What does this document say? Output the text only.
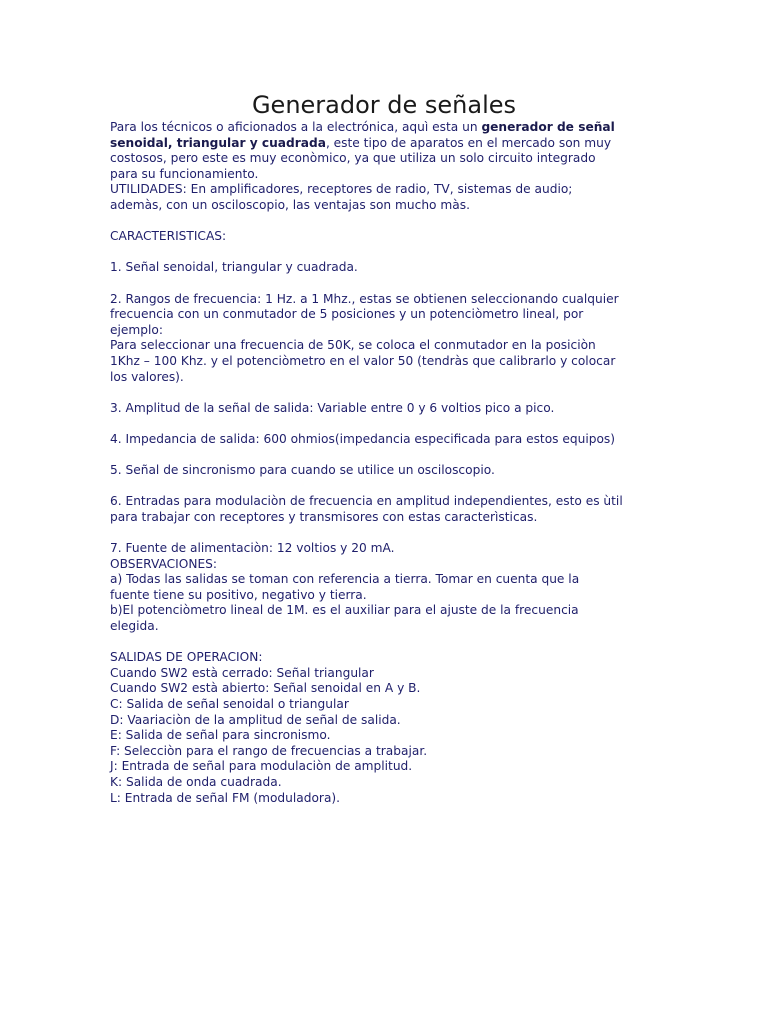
Generador de señales
Para los técnicos o aficionados a la electrónica, aquì esta un generador de señal
senoidal, triangular y cuadrada, este tipo de aparatos en el mercado son muy
costosos, pero este es muy econòmico, ya que utiliza un solo circuito integrado
para su funcionamiento.
UTILIDADES: En amplificadores, receptores de radio, TV, sistemas de audio;
ademàs, con un osciloscopio, las ventajas son mucho màs.
CARACTERISTICAS:
1. Señal senoidal, triangular y cuadrada.
2. Rangos de frecuencia: 1 Hz. a 1 Mhz., estas se obtienen seleccionando cualquier
frecuencia con un conmutador de 5 posiciones y un potenciòmetro lineal, por
ejemplo:
Para seleccionar una frecuencia de 50K, se coloca el conmutador en la posiciòn
1Khz – 100 Khz. y el potenciòmetro en el valor 50 (tendràs que calibrarlo y colocar
los valores).
3. Amplitud de la señal de salida: Variable entre 0 y 6 voltios pico a pico.
4. Impedancia de salida: 600 ohmios(impedancia especificada para estos equipos)
5. Señal de sincronismo para cuando se utilice un osciloscopio.
6. Entradas para modulaciòn de frecuencia en amplitud independientes, esto es ùtil
para trabajar con receptores y transmisores con estas caracterìsticas.
7. Fuente de alimentaciòn: 12 voltios y 20 mA.
OBSERVACIONES:
a) Todas las salidas se toman con referencia a tierra. Tomar en cuenta que la
fuente tiene su positivo, negativo y tierra.
b)El potenciòmetro lineal de 1M. es el auxiliar para el ajuste de la frecuencia
elegida.
SALIDAS DE OPERACION:
Cuando SW2 està cerrado: Señal triangular
Cuando SW2 està abierto: Señal senoidal en A y B.
C: Salida de señal senoidal o triangular
D: Vaariaciòn de la amplitud de señal de salida.
E: Salida de señal para sincronismo.
F: Selecciòn para el rango de frecuencias a trabajar.
J: Entrada de señal para modulaciòn de amplitud.
K: Salida de onda cuadrada.
L: Entrada de señal FM (moduladora).
